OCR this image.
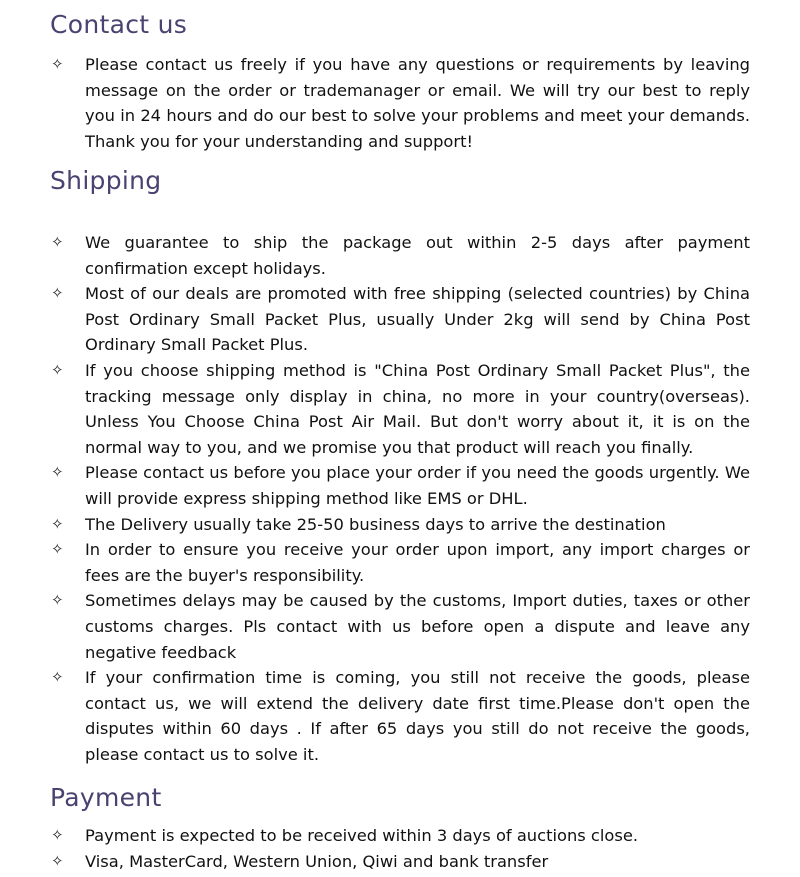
Contact us
✧ Please contact us freely if you have any questions or requirements by leaving message on the order or trademanager or email. We will try our best to reply you in 24 hours and do our best to solve your problems and meet your demands. Thank you for your understanding and support!
Shipping
✧ We guarantee to ship the package out within 2-5 days after payment confirmation except holidays.
✧ Most of our deals are promoted with free shipping (selected countries) by China Post Ordinary Small Packet Plus, usually Under 2kg will send by China Post Ordinary Small Packet Plus.
✧ If you choose shipping method is "China Post Ordinary Small Packet Plus", the tracking message only display in china, no more in your country(overseas). Unless You Choose China Post Air Mail. But don't worry about it, it is on the normal way to you, and we promise you that product will reach you finally.
✧ Please contact us before you place your order if you need the goods urgently. We will provide express shipping method like EMS or DHL.
✧ The Delivery usually take 25-50 business days to arrive the destination
✧ In order to ensure you receive your order upon import, any import charges or fees are the buyer's responsibility.
✧ Sometimes delays may be caused by the customs, Import duties, taxes or other customs charges. Pls contact with us before open a dispute and leave any negative feedback
✧ If your confirmation time is coming, you still not receive the goods, please contact us, we will extend the delivery date first time.Please don't open the disputes within 60 days . If after 65 days you still do not receive the goods, please contact us to solve it.
Payment
✧ Payment is expected to be received within 3 days of auctions close.
✧ Visa, MasterCard, Western Union, Qiwi and bank transfer
